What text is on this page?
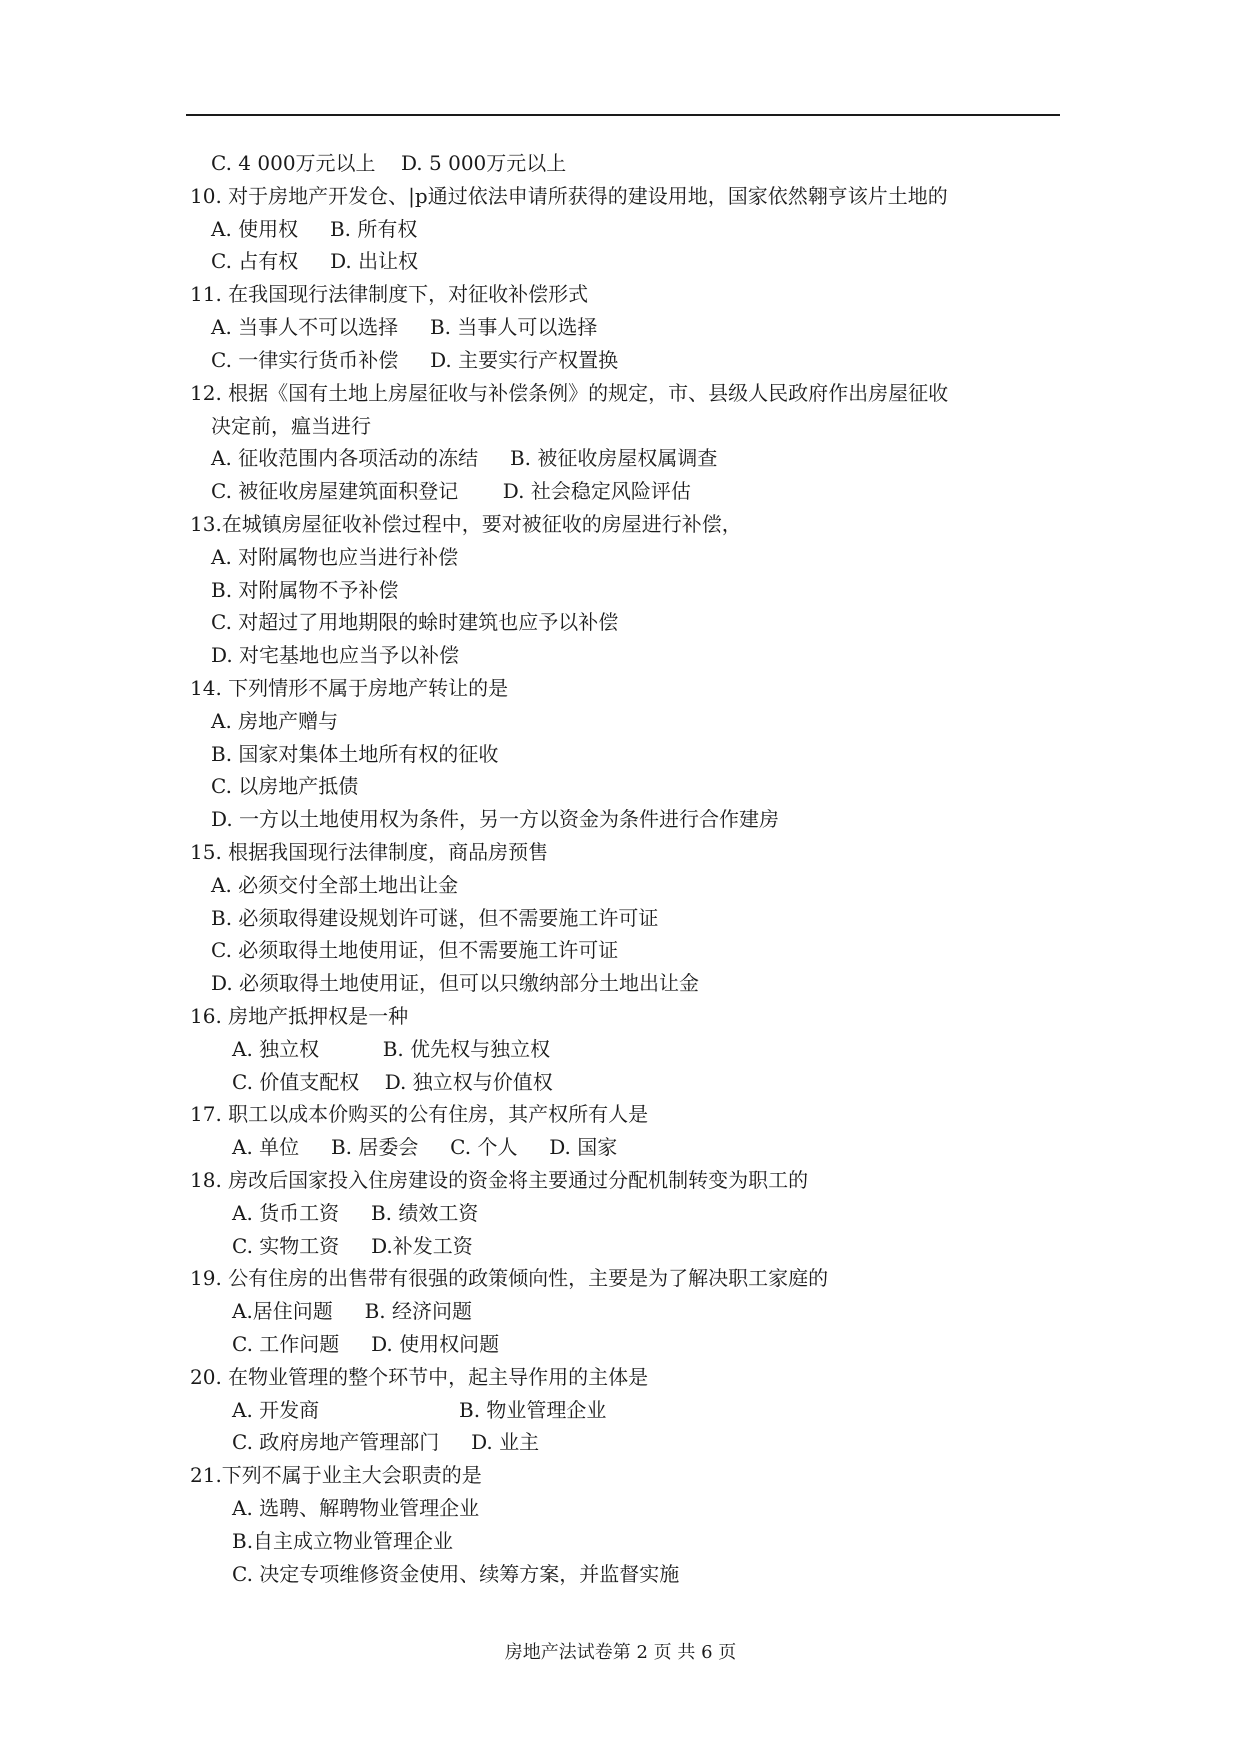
C. 4 000万元以上    D. 5 000万元以上
10. 对于房地产开发仓、|p通过依法申请所获得的建设用地，国家依然翱亨该片土地的
A. 使用权     B. 所有权
C. 占有权     D. 出让权
11. 在我国现行法律制度下，对征收补偿形式
A. 当事人不可以选择     B. 当事人可以选择
C. 一律实行货币补偿     D. 主要实行产权置换
12. 根据《国有土地上房屋征收与补偿条例》的规定，市、县级人民政府作出房屋征收
决定前，瘟当进行
A. 征收范围内各项活动的冻结     B. 被征收房屋权属调查
C. 被征收房屋建筑面积登记       D. 社会稳定风险评估
13.在城镇房屋征收补偿过程中，要对被征收的房屋进行补偿，
A. 对附属物也应当进行补偿
B. 对附属物不予补偿
C. 对超过了用地期限的蜍时建筑也应予以补偿
D. 对宅基地也应当予以补偿
14. 下列情形不属于房地产转让的是
A. 房地产赠与
B. 国家对集体土地所有权的征收
C. 以房地产抵债
D. 一方以土地使用权为条件，另一方以资金为条件进行合作建房
15. 根据我国现行法律制度，商品房预售
A. 必须交付全部土地出让金
B. 必须取得建设规划许可谜，但不需要施工许可证
C. 必须取得土地使用证，但不需要施工许可证
D. 必须取得土地使用证，但可以只缴纳部分土地出让金
16. 房地产抵押权是一种
A. 独立权          B. 优先权与独立权
C. 价值支配权    D. 独立权与价值权
17. 职工以成本价购买的公有住房，其产权所有人是
A. 单位     B. 居委会     C. 个人     D. 国家
18. 房改后国家投入住房建设的资金将主要通过分配机制转变为职工的
A. 货币工资     B. 绩效工资
C. 实物工资     D.补发工资
19. 公有住房的出售带有很强的政策倾向性，主要是为了解决职工家庭的
A.居住问题     B. 经济问题
C. 工作问题     D. 使用权问题
20. 在物业管理的整个环节中，起主导作用的主体是
A. 开发商                      B. 物业管理企业
C. 政府房地产管理部门     D. 业主
21.下列不属于业主大会职责的是
A. 选聘、解聘物业管理企业
B.自主成立物业管理企业
C. 决定专项维修资金使用、续筹方案，并监督实施
房地产法试卷第 2 页 共 6 页
